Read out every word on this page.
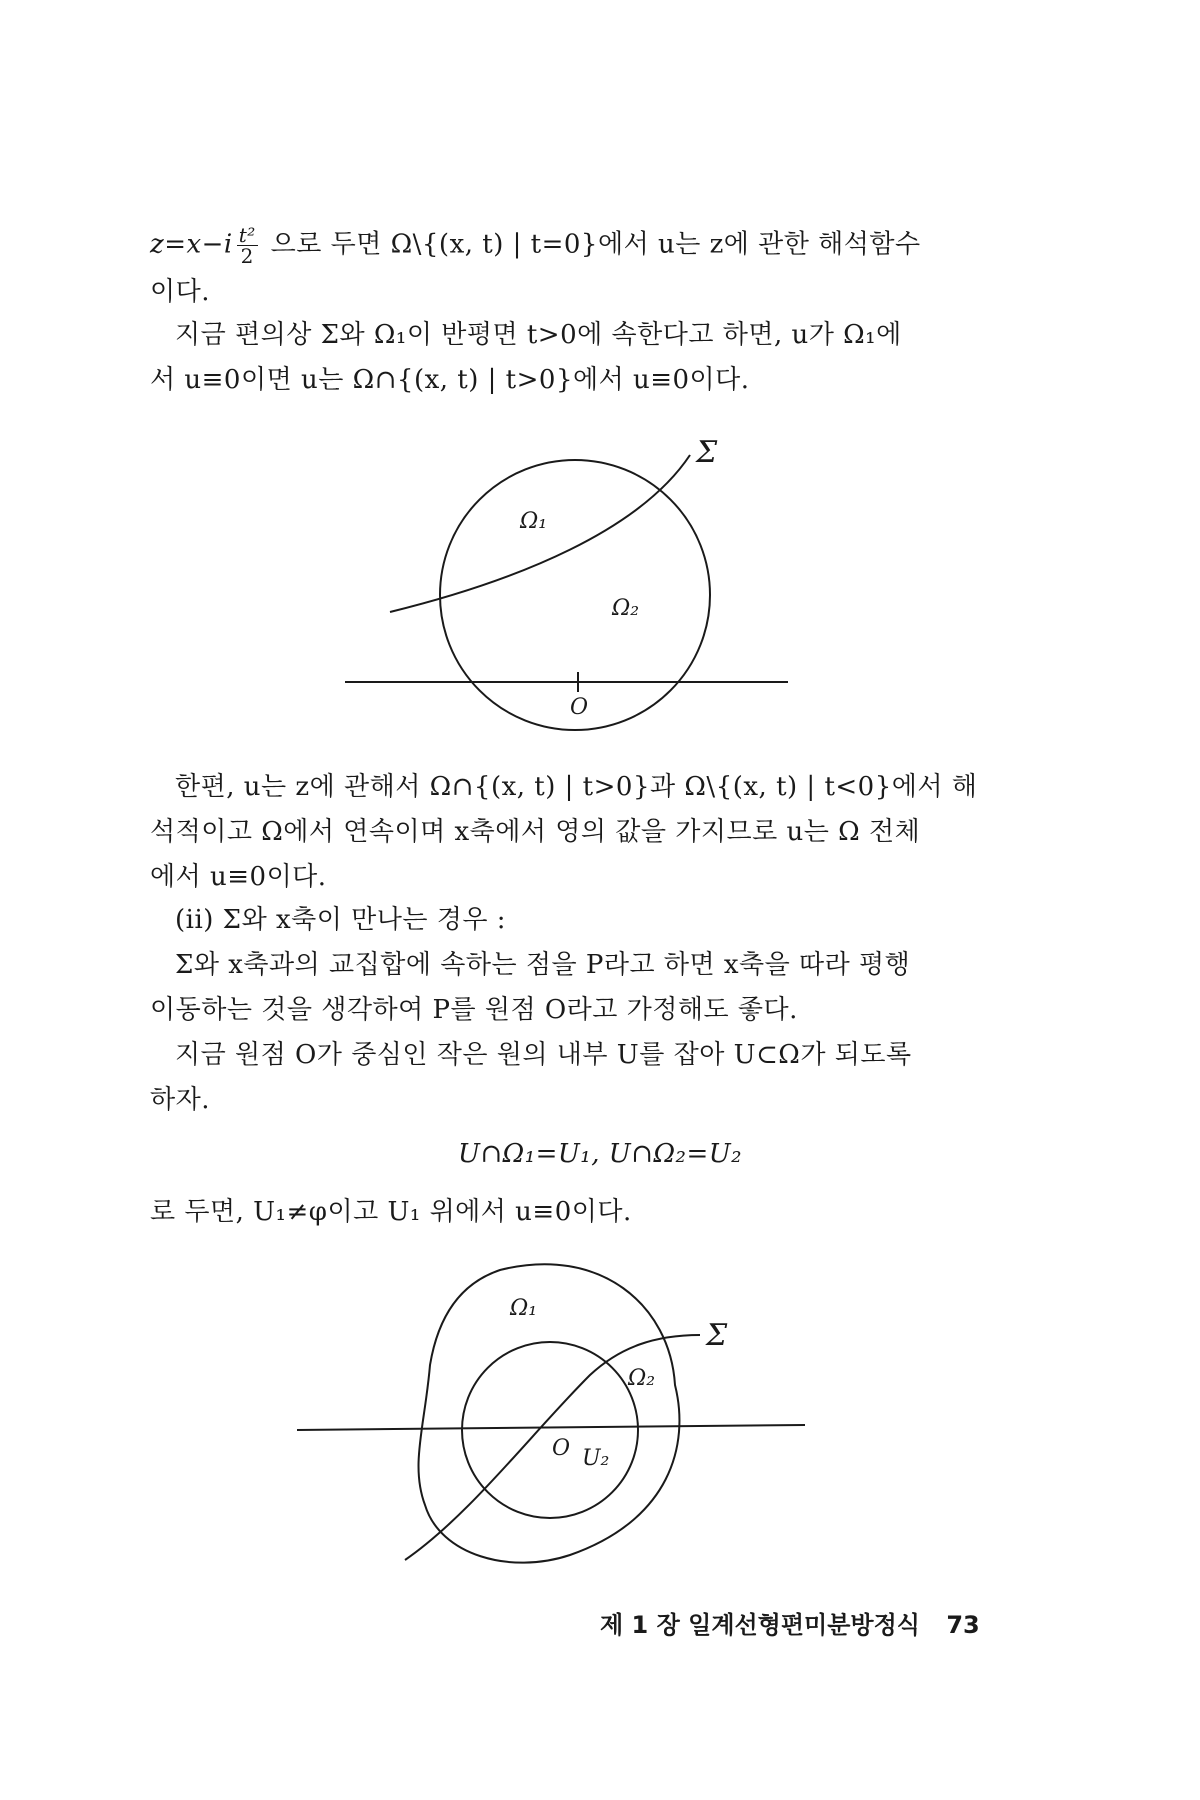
$z=x-i \frac{\text{t²}}{2}$ 으로 두면 Ω\{(x, t) | t=0}에서 u는 z에 관한 해석함수
이다.
지금 편의상 Σ와 Ω₁이 반평면 t>0에 속한다고 하면, u가 Ω₁에
서 u≡0이면 u는 Ω∩{(x, t) | t>0}에서 u≡0이다.
Σ
Ω₁
Ω₂
O
한편, u는 z에 관해서 Ω∩{(x, t) | t>0}과 Ω\{(x, t) | t<0}에서 해
석적이고 Ω에서 연속이며 x축에서 영의 값을 가지므로 u는 Ω 전체
에서 u≡0이다.
(ii) Σ와 x축이 만나는 경우 :
Σ와 x축과의 교집합에 속하는 점을 P라고 하면 x축을 따라 평행
이동하는 것을 생각하여 P를 원점 O라고 가정해도 좋다.
지금 원점 O가 중심인 작은 원의 내부 U를 잡아 U⊂Ω가 되도록
하자.
U∩Ω₁=U₁, U∩Ω₂=U₂
로 두면, U₁≠φ이고 U₁ 위에서 u≡0이다.
Σ
Ω₁
Ω₂
O U₂
제 1 장 일계선형편미분방정식 73
